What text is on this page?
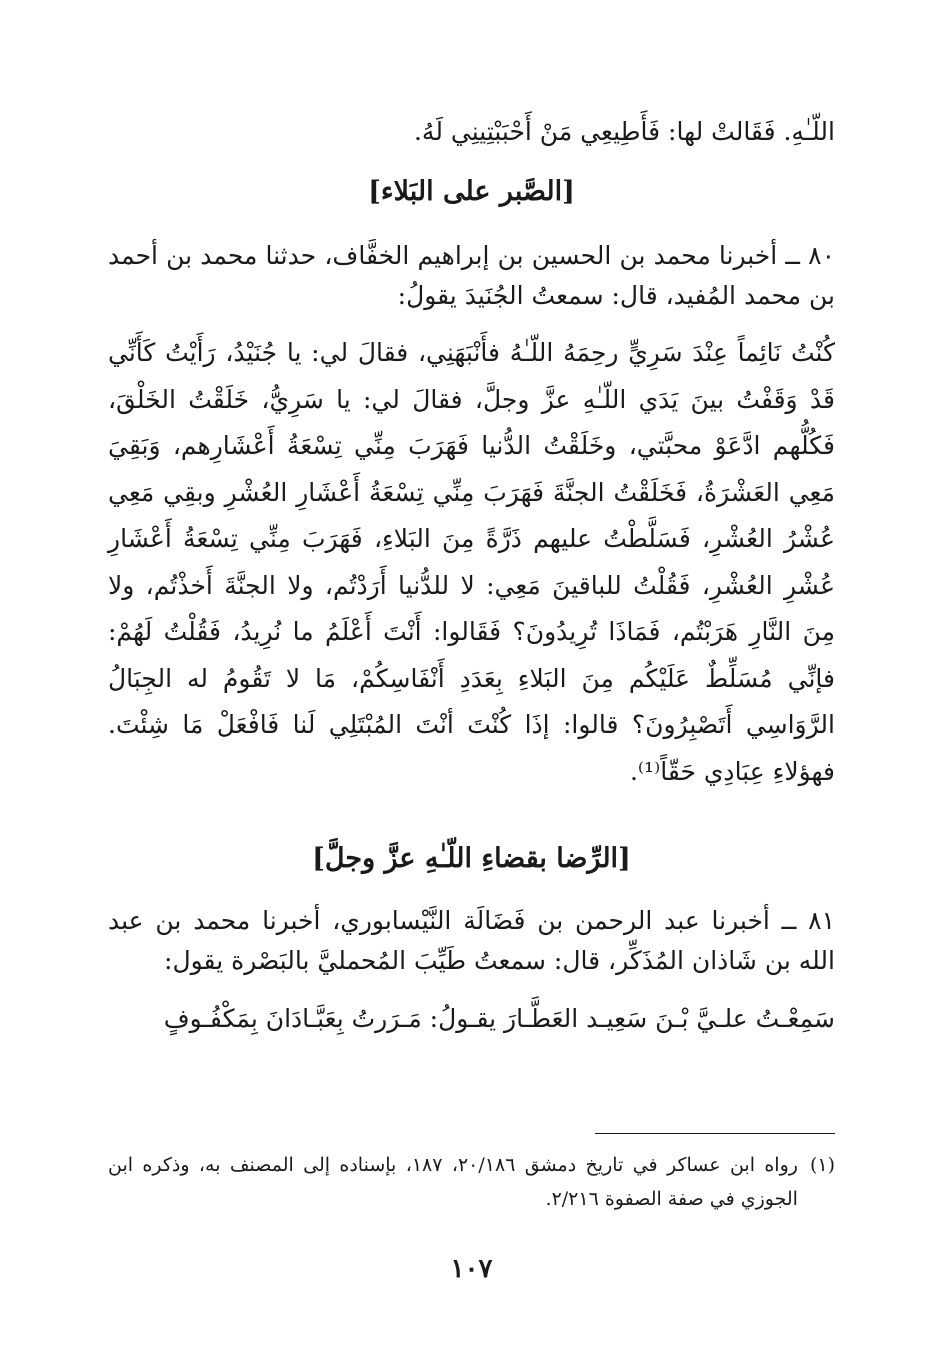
اللّـٰهِ. فَقَالتْ لها: فَأَطِيعِي مَنْ أَحْبَبْتِينِي لَهُ.

[الصَّبر على البَلاء]

٨٠ ــ أخبرنا محمد بن الحسين بن إبراهيم الخفَّاف، حدثنا محمد بن أحمد بن محمد المُفيد، قال: سمعتُ الجُنَيدَ يقولُ:

كُنْتُ نَائِماً عِنْدَ سَرِيٍّ رحِمَهُ اللّـٰهُ فأَنْبَهَنِي، فقالَ لي: يا جُنَيْدُ، رَأَيْتُ كَأَنِّي قَدْ وَقَفْتُ بينَ يَدَي اللّـٰهِ عزَّ وجلَّ، فقالَ لي: يا سَرِيُّ، خَلَقْتُ الخَلْقَ، فَكُلُّهم ادَّعَوْ محبَّتي، وخَلَقْتُ الدُّنيا فَهَرَبَ مِنِّي تِسْعَةُ أَعْشَارِهم، وَبَقِيَ مَعِي العَشْرَةُ، فَخَلَقْتُ الجنَّةَ فَهَرَبَ مِنِّي تِسْعَةُ أَعْشَارِ العُشْرِ وبقِي مَعِي عُشْرُ العُشْرِ، فَسَلَّطْتُ عليهم ذَرَّةً مِنَ البَلاءِ، فَهَرَبَ مِنِّي تِسْعَةُ أَعْشَارِ عُشْرِ العُشْرِ، فَقُلْتُ للباقينَ مَعِي: لا للدُّنيا أَرَدْتُم، ولا الجنَّةَ أَخذْتُم، ولا مِنَ النَّارِ هَرَبْتُم، فَمَاذَا تُرِيدُونَ؟ فَقَالوا: أَنْتَ أَعْلَمُ ما نُرِيدُ، فَقُلْتُ لَهُمْ: فإنِّي مُسَلِّطٌ عَلَيْكُم مِنَ البَلاءِ بِعَدَدِ أَنْفَاسِكُمْ، مَا لا تَقُومُ له الجِبَالُ الرَّوَاسِي أَتَصْبِرُونَ؟ قالوا: إذَا كُنْتَ أنْتَ المُبْتَلِي لَنا فَافْعَلْ مَا شِئْتَ. فهؤلاءِ عِبَادِي حَقّاً⁽¹⁾.

[الرِّضا بقضاءِ اللّـٰهِ عزَّ وجلَّ]

٨١ ــ أخبرنا عبد الرحمن بن فَضَالَة النَّيْسابوري، أخبرنا محمد بن عبد الله بن شَاذان المُذَكِّر، قال: سمعتُ طَيِّبَ المُحمليَّ بالبَصْرة يقول:

سَمِعْـتُ علـيَّ بْـنَ سَعِيـد العَطَّـارَ يقـولُ: مَـرَرتُ بِعَبَّـادَانَ بِمَكْفُـوفٍ

(١)
رواه ابن عساكر في تاريخ دمشق ٢٠/١٨٦، ١٨٧، بإسناده إلى المصنف به، وذكره ابن الجوزي في صفة الصفوة ٢/٢١٦.
١٠٧
